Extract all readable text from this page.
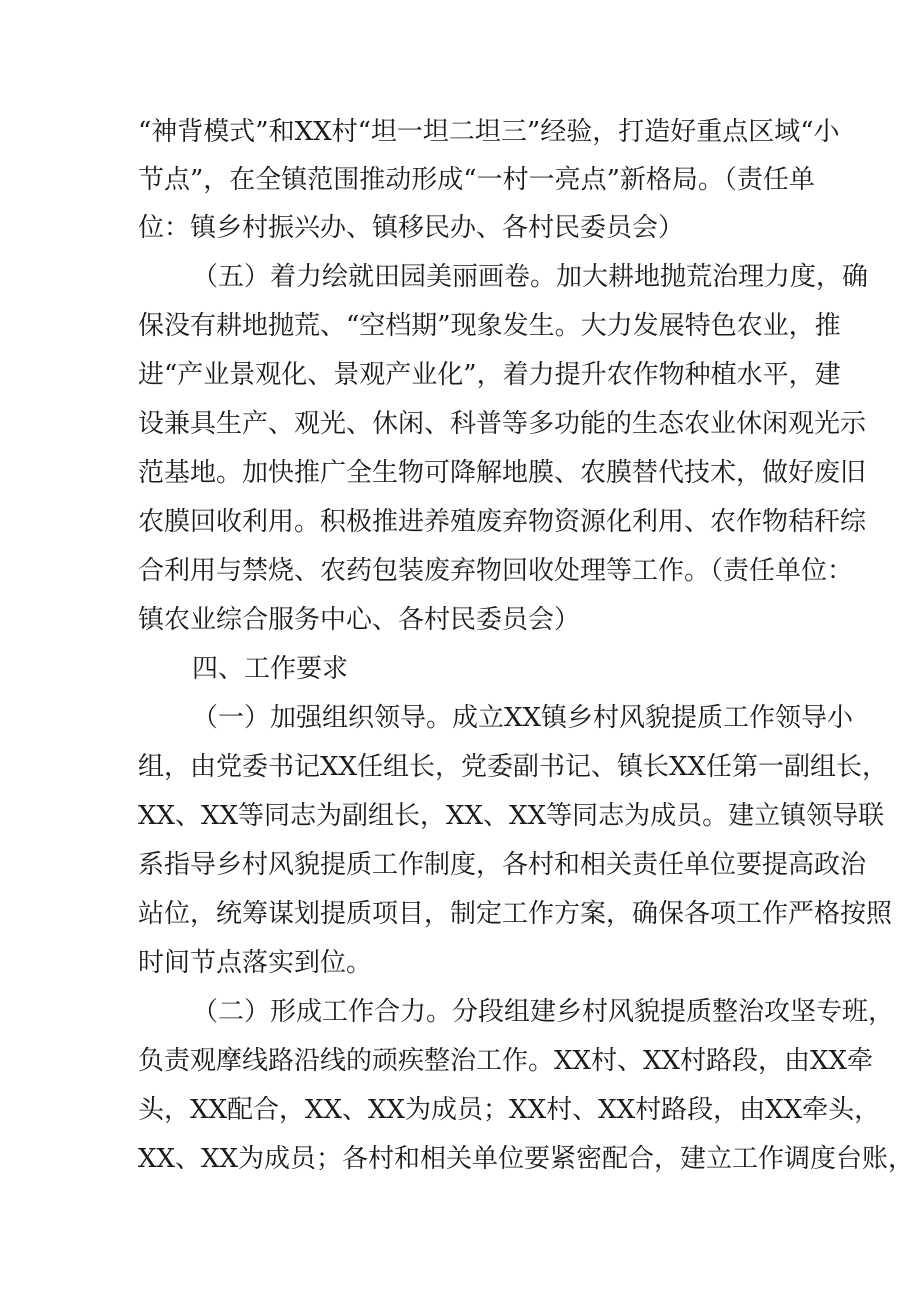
“神背模式”和XX村“坦一坦二坦三”经验，打造好重点区域“小
节点”，在全镇范围推动形成“一村一亮点”新格局。（责任单
位：镇乡村振兴办、镇移民办、各村民委员会）
（五）着力绘就田园美丽画卷。加大耕地抛荒治理力度，确
保没有耕地抛荒、“空档期”现象发生。大力发展特色农业，推
进“产业景观化、景观产业化”，着力提升农作物种植水平，建
设兼具生产、观光、休闲、科普等多功能的生态农业休闲观光示
范基地。加快推广全生物可降解地膜、农膜替代技术，做好废旧
农膜回收利用。积极推进养殖废弃物资源化利用、农作物秸秆综
合利用与禁烧、农药包装废弃物回收处理等工作。（责任单位：
镇农业综合服务中心、各村民委员会）
四、工作要求
（一）加强组织领导。成立XX镇乡村风貌提质工作领导小
组，由党委书记XX任组长，党委副书记、镇长XX任第一副组长，
XX、XX等同志为副组长，XX、XX等同志为成员。建立镇领导联
系指导乡村风貌提质工作制度，各村和相关责任单位要提高政治
站位，统筹谋划提质项目，制定工作方案，确保各项工作严格按照
时间节点落实到位。
（二）形成工作合力。分段组建乡村风貌提质整治攻坚专班，
负责观摩线路沿线的顽疾整治工作。XX村、XX村路段，由XX牵
头，XX配合，XX、XX为成员；XX村、XX村路段，由XX牵头，
XX、XX为成员；各村和相关单位要紧密配合，建立工作调度台账，
